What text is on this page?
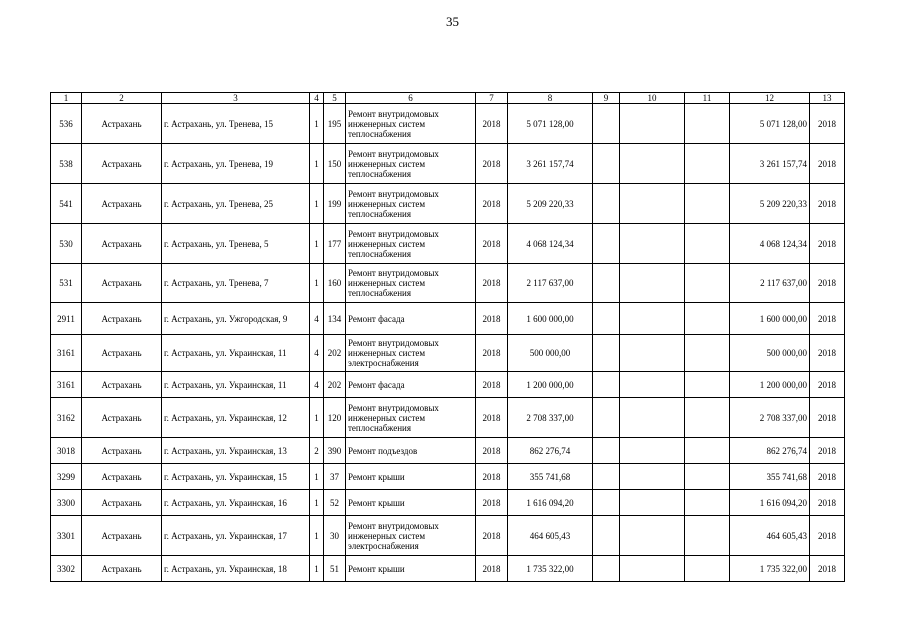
35
1	2	3	4	5	6	7	8	9	10	11	12	13
536	Астрахань	г. Астрахань, ул. Тренева, 15	1	195	Ремонт внутридомовых инженерных систем теплоснабжения	2018	5 071 128,00				5 071 128,00	2018
538	Астрахань	г. Астрахань, ул. Тренева, 19	1	150	Ремонт внутридомовых инженерных систем теплоснабжения	2018	3 261 157,74				3 261 157,74	2018
541	Астрахань	г. Астрахань, ул. Тренева, 25	1	199	Ремонт внутридомовых инженерных систем теплоснабжения	2018	5 209 220,33				5 209 220,33	2018
530	Астрахань	г. Астрахань, ул. Тренева, 5	1	177	Ремонт внутридомовых инженерных систем теплоснабжения	2018	4 068 124,34				4 068 124,34	2018
531	Астрахань	г. Астрахань, ул. Тренева, 7	1	160	Ремонт внутридомовых инженерных систем теплоснабжения	2018	2 117 637,00				2 117 637,00	2018
2911	Астрахань	г. Астрахань, ул. Ужгородская, 9	4	134	Ремонт фасада	2018	1 600 000,00				1 600 000,00	2018
3161	Астрахань	г. Астрахань, ул. Украинская, 11	4	202	Ремонт внутридомовых инженерных систем электроснабжения	2018	500 000,00				500 000,00	2018
3161	Астрахань	г. Астрахань, ул. Украинская, 11	4	202	Ремонт фасада	2018	1 200 000,00				1 200 000,00	2018
3162	Астрахань	г. Астрахань, ул. Украинская, 12	1	120	Ремонт внутридомовых инженерных систем теплоснабжения	2018	2 708 337,00				2 708 337,00	2018
3018	Астрахань	г. Астрахань, ул. Украинская, 13	2	390	Ремонт подъездов	2018	862 276,74				862 276,74	2018
3299	Астрахань	г. Астрахань, ул. Украинская, 15	1	37	Ремонт крыши	2018	355 741,68				355 741,68	2018
3300	Астрахань	г. Астрахань, ул. Украинская, 16	1	52	Ремонт крыши	2018	1 616 094,20				1 616 094,20	2018
3301	Астрахань	г. Астрахань, ул. Украинская, 17	1	30	Ремонт внутридомовых инженерных систем электроснабжения	2018	464 605,43				464 605,43	2018
3302	Астрахань	г. Астрахань, ул. Украинская, 18	1	51	Ремонт крыши	2018	1 735 322,00				1 735 322,00	2018
